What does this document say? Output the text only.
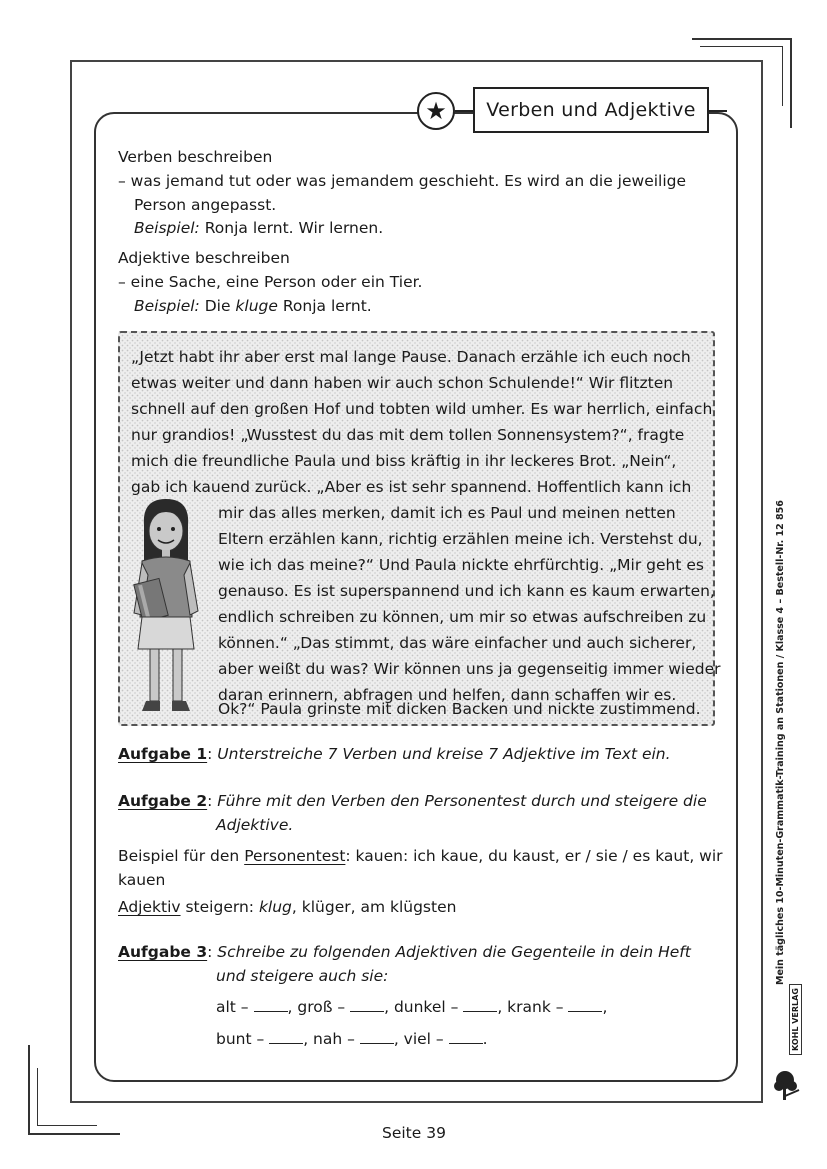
★	Verben und Adjektive
Verben beschreiben
– was jemand tut oder was jemandem geschieht. Es wird an die jeweilige
Person angepasst.
Beispiel: Ronja lernt. Wir lernen.
Adjektive beschreiben
– eine Sache, eine Person oder ein Tier.
Beispiel: Die kluge Ronja lernt.
„Jetzt habt ihr aber erst mal lange Pause. Danach erzähle ich euch noch
etwas weiter und dann haben wir auch schon Schulende!“ Wir flitzten
schnell auf den großen Hof und tobten wild umher. Es war herrlich, einfach
nur grandios! „Wusstest du das mit dem tollen Sonnensystem?“, fragte
mich die freundliche Paula und biss kräftig in ihr leckeres Brot. „Nein“,
gab ich kauend zurück. „Aber es ist sehr spannend. Hoffentlich kann ich
mir das alles merken, damit ich es Paul und meinen netten
Eltern erzählen kann, richtig erzählen meine ich. Verstehst du,
wie ich das meine?“ Und Paula nickte ehrfürchtig. „Mir geht es
genauso. Es ist superspannend und ich kann es kaum erwarten,
endlich schreiben zu können, um mir so etwas aufschreiben zu
können.“ „Das stimmt, das wäre einfacher und auch sicherer,
aber weißt du was? Wir können uns ja gegenseitig immer wieder
daran erinnern, abfragen und helfen, dann schaffen wir es.
Ok?“ Paula grinste mit dicken Backen und nickte zustimmend.
Aufgabe 1: Unterstreiche 7 Verben und kreise 7 Adjektive im Text ein.
Aufgabe 2: Führe mit den Verben den Personentest durch und steigere die
Adjektive.
Beispiel für den Personentest: kauen: ich kaue, du kaust, er / sie / es kaut, wir
kauen
Adjektiv steigern: klug, klüger, am klügsten
Aufgabe 3: Schreibe zu folgenden Adjektiven die Gegenteile in dein Heft
und steigere auch sie:
alt –	, groß –	, dunkel –	, krank –	,
bunt –	, nah –	, viel –	.
Mein tägliches 10-Minuten-Grammatik-Training an Stationen / Klasse 4 – Bestell-Nr. 12 856
KOHL VERLAG
Seite 39
